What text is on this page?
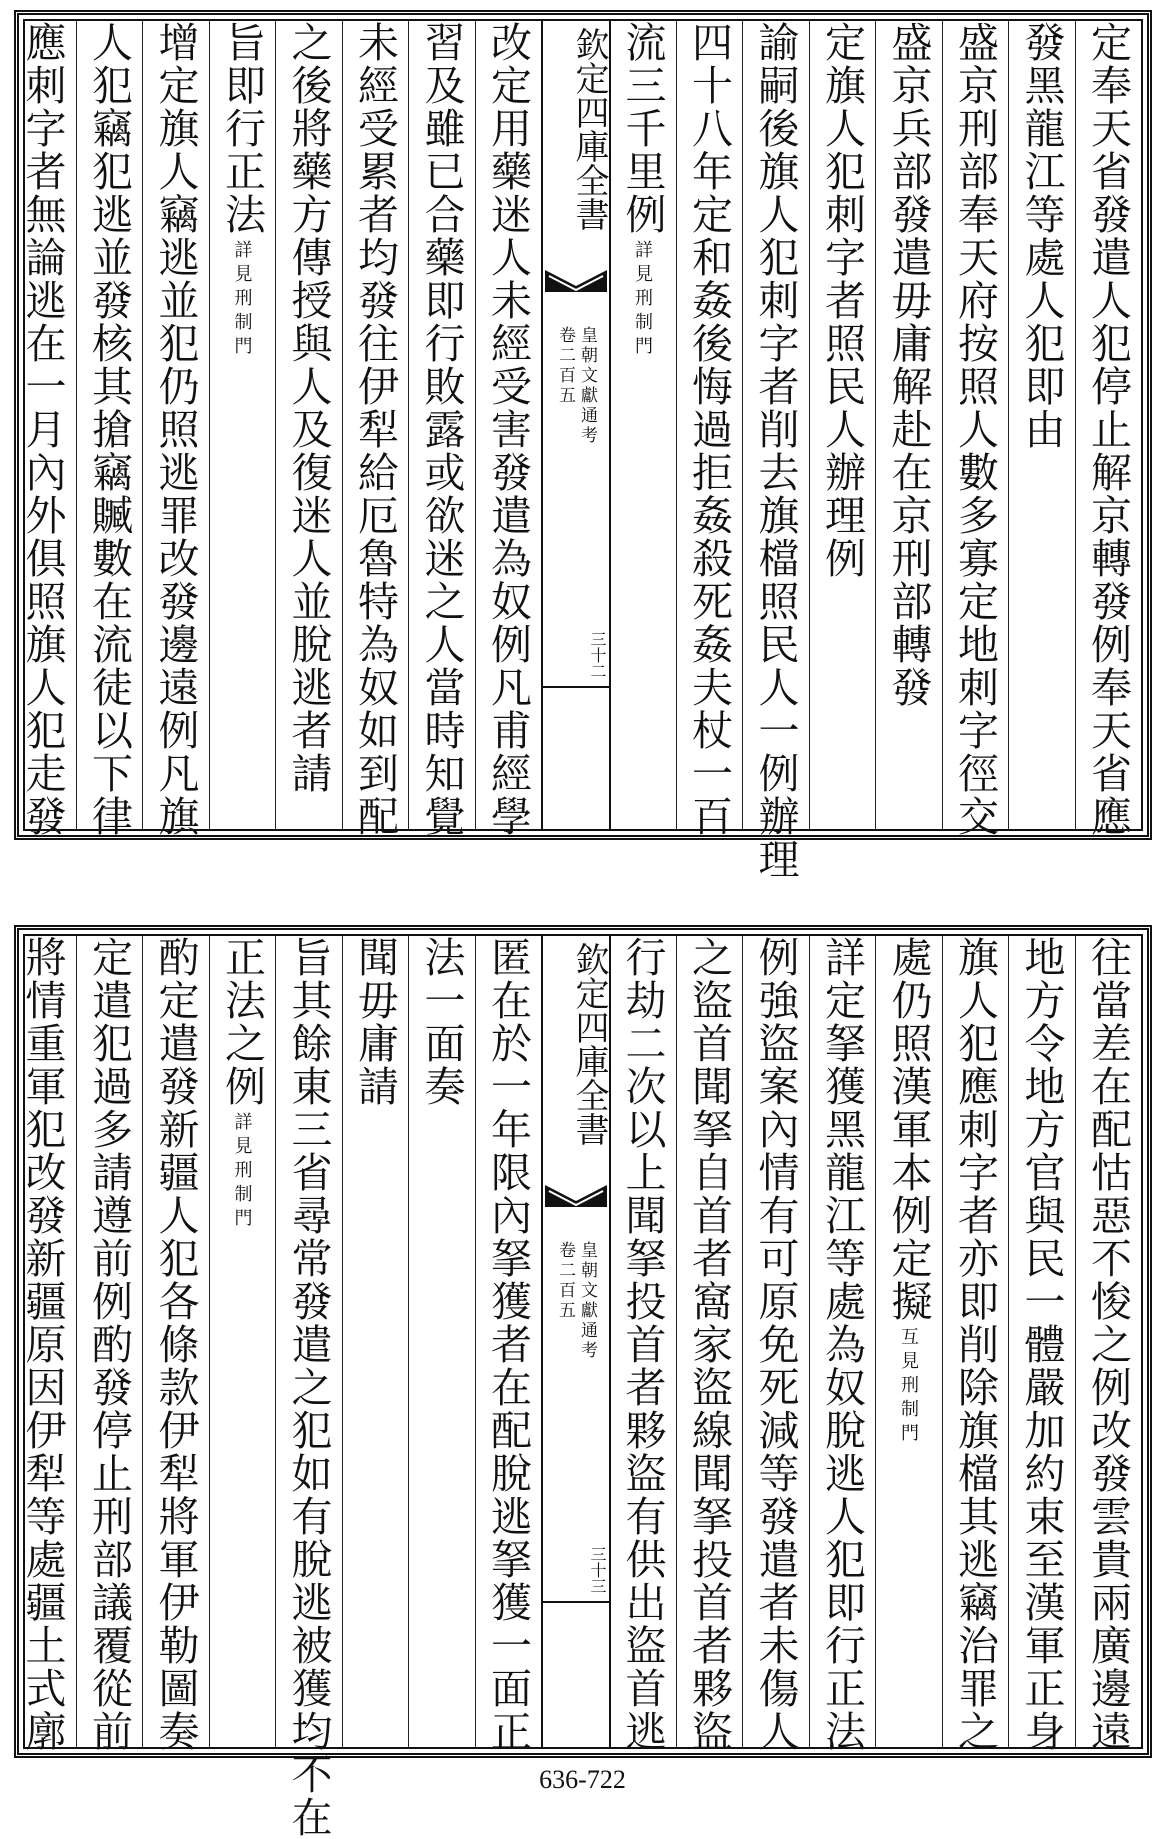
定奉天省發遣人犯停止解京轉發例奉天省應
發黑龍江等處人犯即由
盛京刑部奉天府按照人數多寡定地刺字徑交
盛京兵部發遣毋庸解赴在京刑部轉發
定旗人犯刺字者照民人辦理例
諭嗣後旗人犯刺字者削去旗檔照民人一例辦理
四十八年定和姦後悔過拒姦殺死姦夫杖一百
流三千里例
詳見刑制門
欽定四庫全書
皇朝文獻通考
卷二百五
三十二
改定用藥迷人未經受害發遣為奴例凡甫經學
習及雖已合藥即行敗露或欲迷之人當時知覺
未經受累者均發往伊犁給厄魯特為奴如到配
之後將藥方傳授與人及復迷人並脫逃者請
旨即行正法
詳見刑制門
增定旗人竊逃並犯仍照逃罪改發邊遠例凡旗
人犯竊犯逃並發核其搶竊贓數在流徒以下律
應刺字者無論逃在一月內外俱照旗人犯走發
往當差在配怙惡不悛之例改發雲貴兩廣邊遠
地方令地方官與民一體嚴加約束至漢軍正身
旗人犯應刺字者亦即削除旗檔其逃竊治罪之
處仍照漢軍本例定擬
互見刑制門
詳定拏獲黑龍江等處為奴脫逃人犯即行正法
例強盜案內情有可原免死減等發遣者未傷人
之盜首聞拏自首者窩家盜線聞拏投首者夥盜
行劫二次以上聞拏投首者夥盜有供出盜首逃
欽定四庫全書
皇朝文獻通考
卷二百五
三十三
匿在於一年限內拏獲者在配脫逃拏獲一面正
法一面奏
聞毋庸請
旨其餘東三省尋常發遣之犯如有脫逃被獲均不在
正法之例
詳見刑制門
酌定遣發新疆人犯各條款伊犁將軍伊勒圖奏
定遣犯過多請遵前例酌發停止刑部議覆從前
將情重軍犯改發新疆原因伊犁等處疆土式廓
636-722
